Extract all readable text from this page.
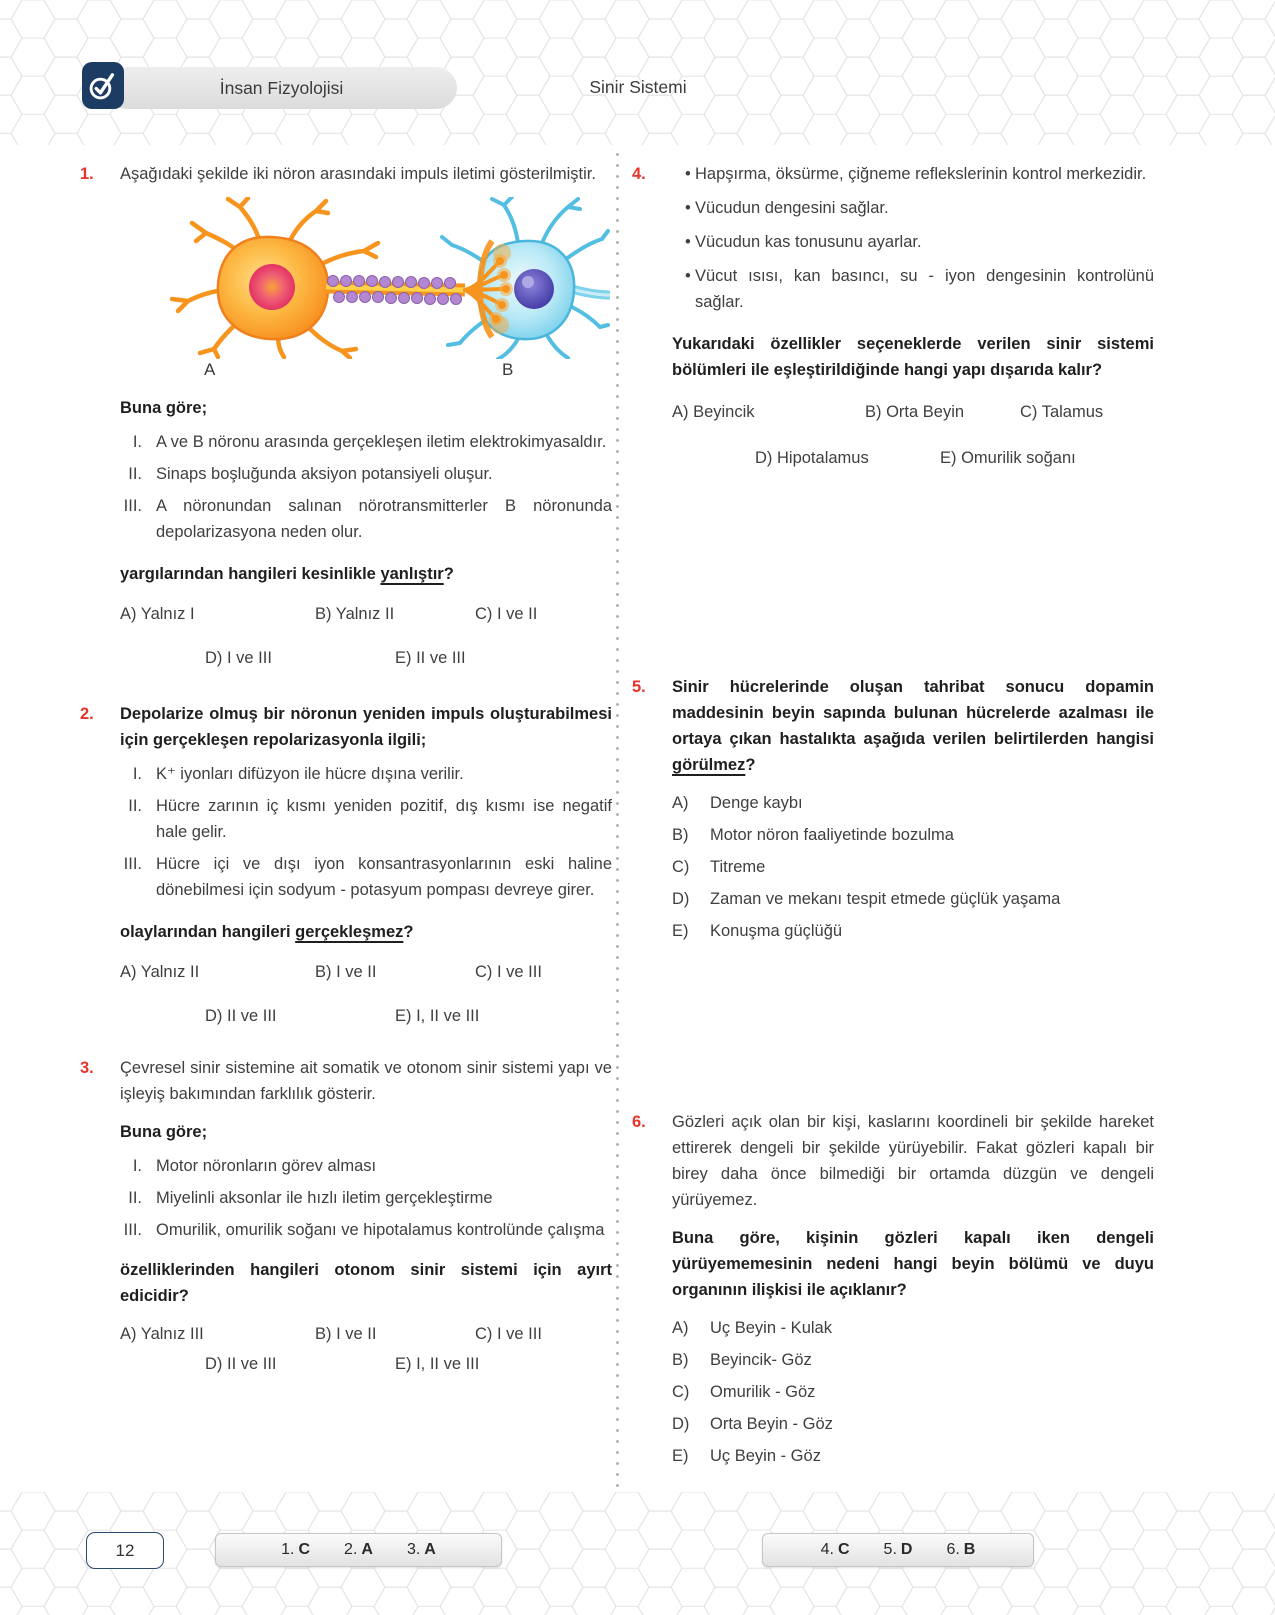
İnsan Fizyolojisi	Sinir Sistemi
1. Aşağıdaki şekilde iki nöron arasındaki impuls iletimi gösterilmiştir.

A	B

Buna göre;

I. A ve B nöronu arasında gerçekleşen iletim elektrokimyasaldır.
II. Sinaps boşluğunda aksiyon potansiyeli oluşur.
III. A nöronundan salınan nörotransmitterler B nöronunda depolarizasyona neden olur.

yargılarından hangileri kesinlikle yanlıştır?

A) Yalnız I	B) Yalnız II	C) I ve II
D) I ve III	E) II ve III
2. Depolarize olmuş bir nöronun yeniden impuls oluşturabilmesi için gerçekleşen repolarizasyonla ilgili;

I. K⁺ iyonları difüzyon ile hücre dışına verilir.
II. Hücre zarının iç kısmı yeniden pozitif, dış kısmı ise negatif hale gelir.
III. Hücre içi ve dışı iyon konsantrasyonlarının eski haline dönebilmesi için sodyum - potasyum pompası devreye girer.

olaylarından hangileri gerçekleşmez?

A) Yalnız II	B) I ve II	C) I ve III
D) II ve III	E) I, II ve III
3. Çevresel sinir sistemine ait somatik ve otonom sinir sistemi yapı ve işleyiş bakımından farklılık gösterir.

Buna göre;

I. Motor nöronların görev alması
II. Miyelinli aksonlar ile hızlı iletim gerçekleştirme
III. Omurilik, omurilik soğanı ve hipotalamus kontrolünde çalışma

özelliklerinden hangileri otonom sinir sistemi için ayırt edicidir?

A) Yalnız III	B) I ve II	C) I ve III
D) II ve III	E) I, II ve III
4.	• Hapşırma, öksürme, çiğneme reflekslerinin kontrol merkezidir.
• Vücudun dengesini sağlar.
• Vücudun kas tonusunu ayarlar.
• Vücut ısısı, kan basıncı, su - iyon dengesinin kontrolünü sağlar.

Yukarıdaki özellikler seçeneklerde verilen sinir sistemi bölümleri ile eşleştirildiğinde hangi yapı dışarıda kalır?

A) Beyincik	B) Orta Beyin	C) Talamus
D) Hipotalamus	E) Omurilik soğanı
5. Sinir hücrelerinde oluşan tahribat sonucu dopamin maddesinin beyin sapında bulunan hücrelerde azalması ile ortaya çıkan hastalıkta aşağıda verilen belirtilerden hangisi görülmez?

A)	Denge kaybı
B)	Motor nöron faaliyetinde bozulma
C)	Titreme
D)	Zaman ve mekanı tespit etmede güçlük yaşama
E)	Konuşma güçlüğü
6. Gözleri açık olan bir kişi, kaslarını koordineli bir şekilde hareket ettirerek dengeli bir şekilde yürüyebilir. Fakat gözleri kapalı bir birey daha önce bilmediği bir ortamda düzgün ve dengeli yürüyemez.

Buna göre, kişinin gözleri kapalı iken dengeli yürüyememesinin nedeni hangi beyin bölümü ve duyu organının ilişkisi ile açıklanır?

A)	Uç Beyin - Kulak
B)	Beyincik- Göz
C)	Omurilik - Göz
D)	Orta Beyin - Göz
E)	Uç Beyin - Göz
12	1. C 2. A 3. A	4. C 5. D 6. B
